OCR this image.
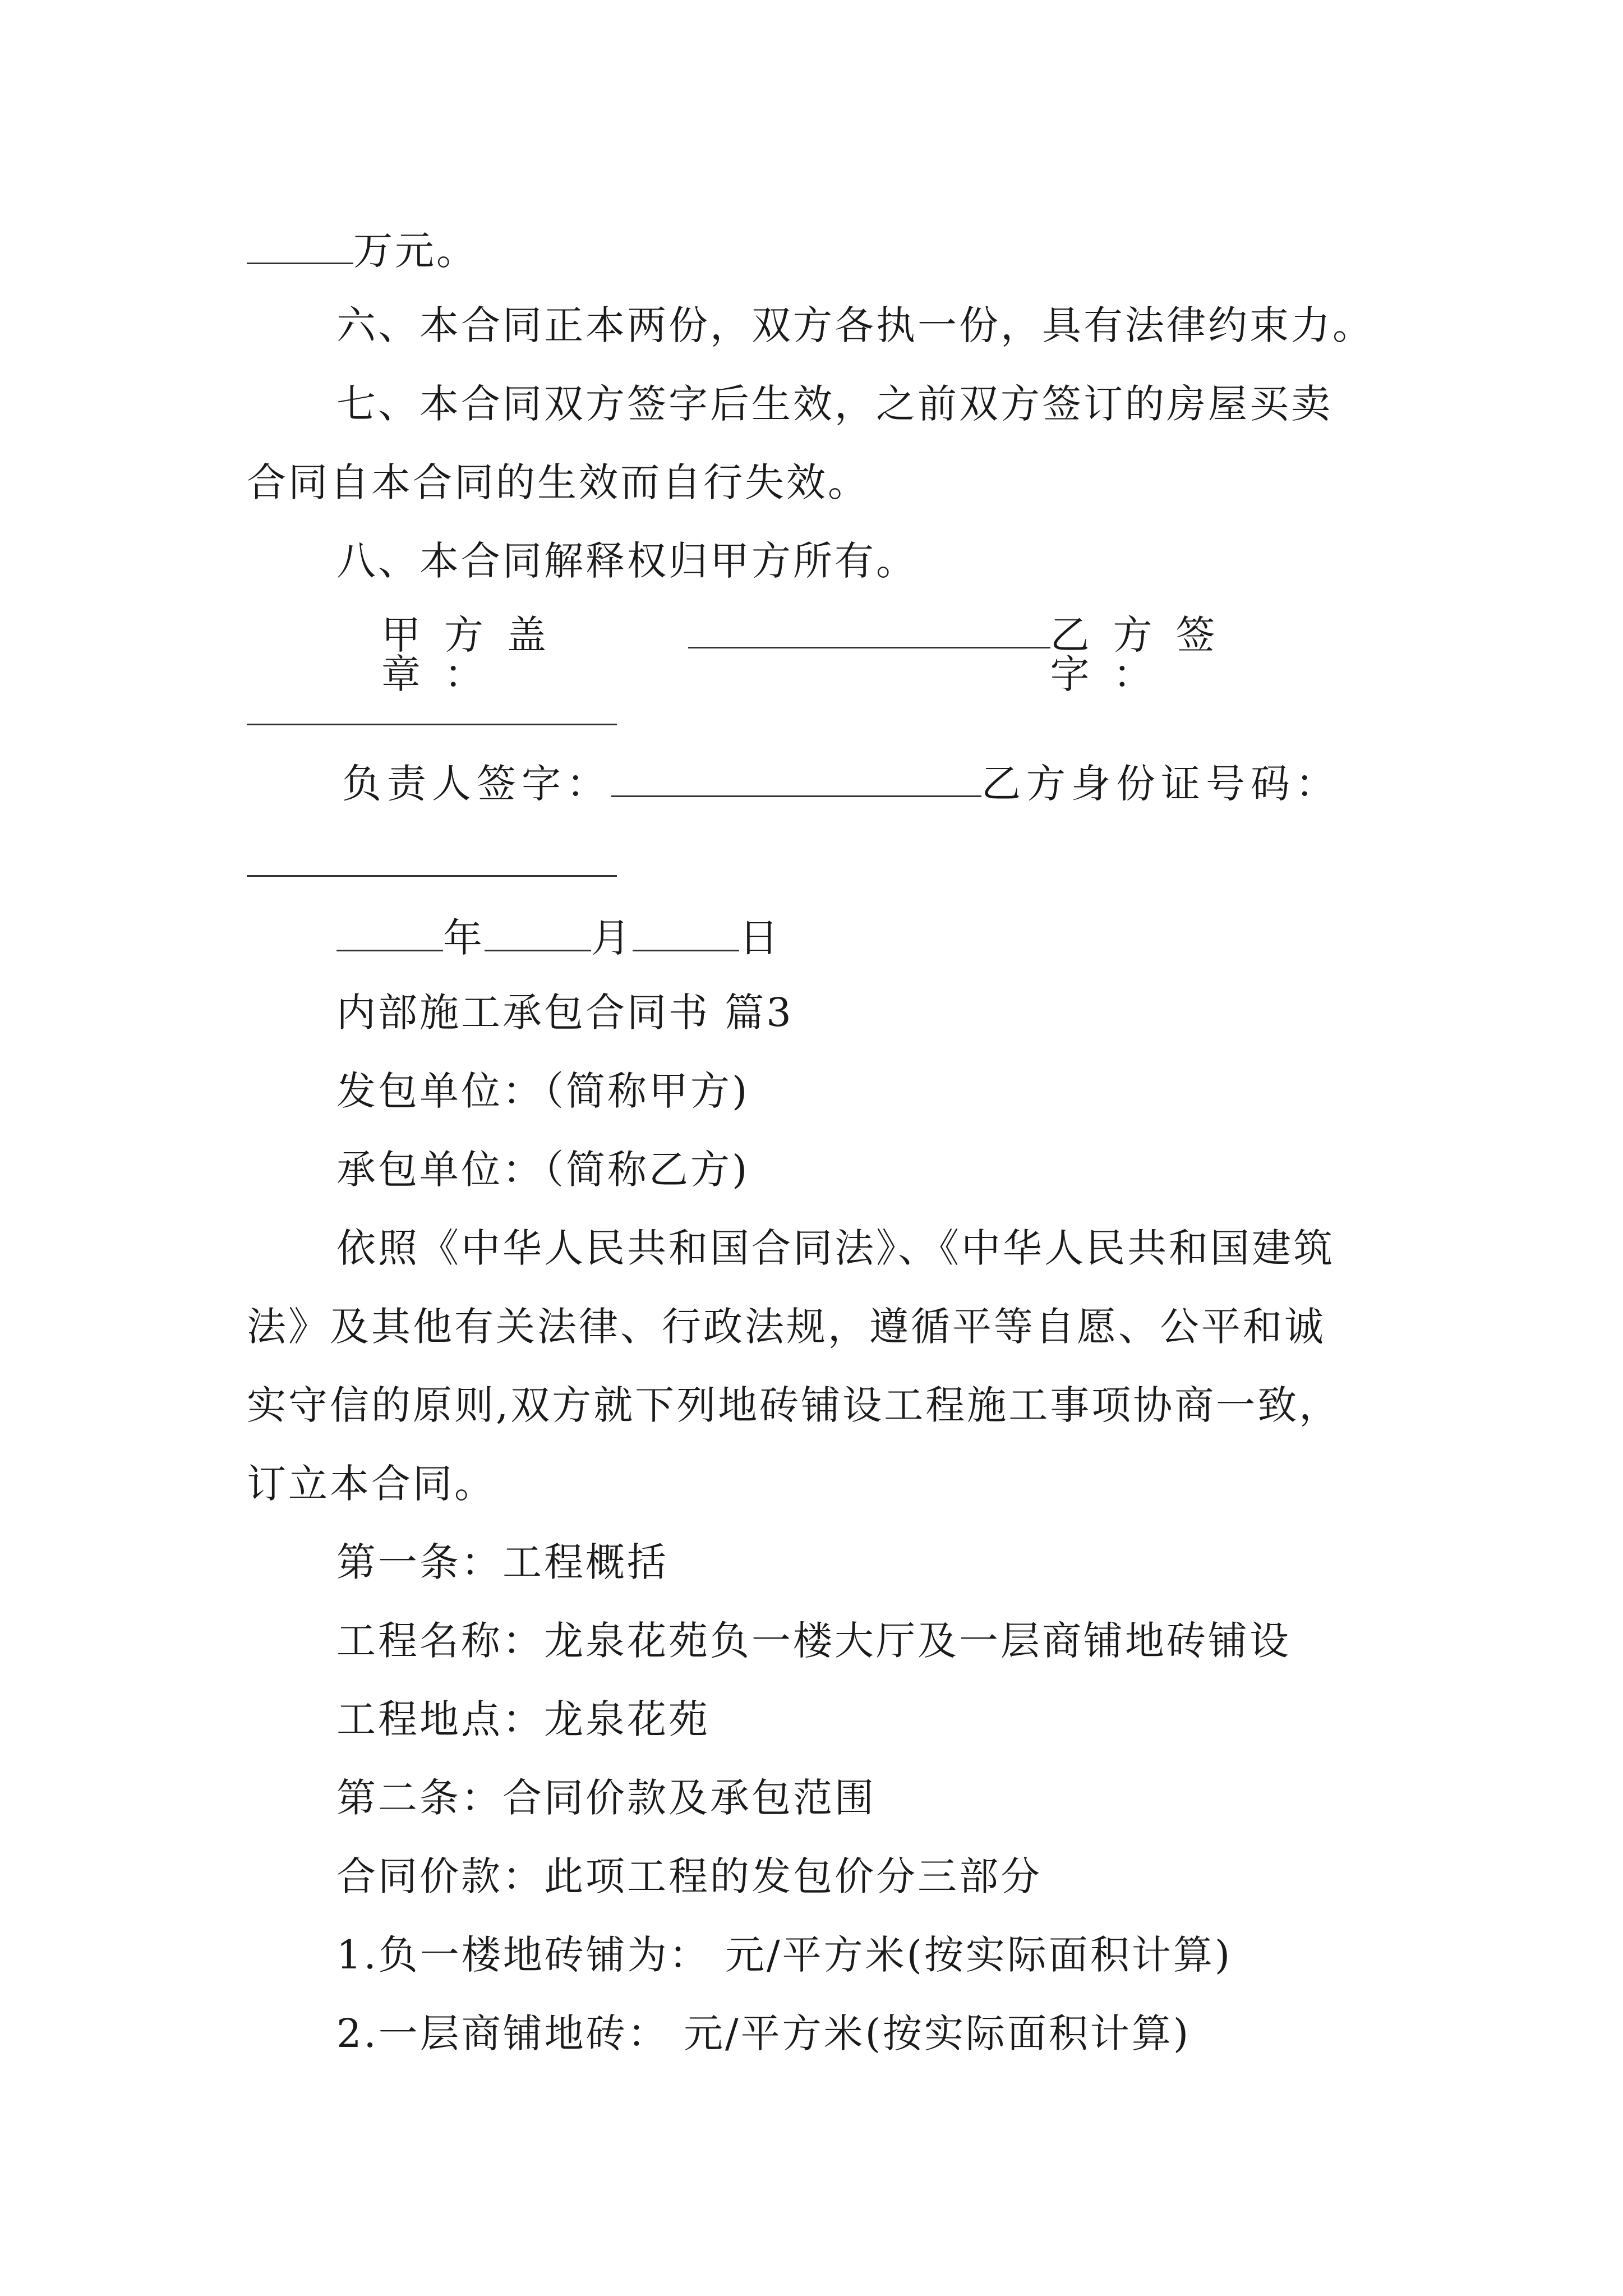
万元。
六、本合同正本两份，双方各执一份，具有法律约束力。
七、本合同双方签字后生效，之前双方签订的房屋买卖
合同自本合同的生效而自行失效。
八、本合同解释权归甲方所有。
甲方盖章：
乙方签字：
负责人签字：	乙方身份证号码：
年	月	日
内部施工承包合同书 篇3
发包单位：（简称甲方)
承包单位：（简称乙方)
依照《中华人民共和国合同法》、《中华人民共和国建筑
法》及其他有关法律、行政法规，遵循平等自愿、公平和诚
实守信的原则,双方就下列地砖铺设工程施工事项协商一致，
订立本合同。
第一条：工程概括
工程名称：龙泉花苑负一楼大厅及一层商铺地砖铺设
工程地点：龙泉花苑
第二条：合同价款及承包范围
合同价款：此项工程的发包价分三部分
1.负一楼地砖铺为： 元/平方米(按实际面积计算)
2.一层商铺地砖： 元/平方米(按实际面积计算)
